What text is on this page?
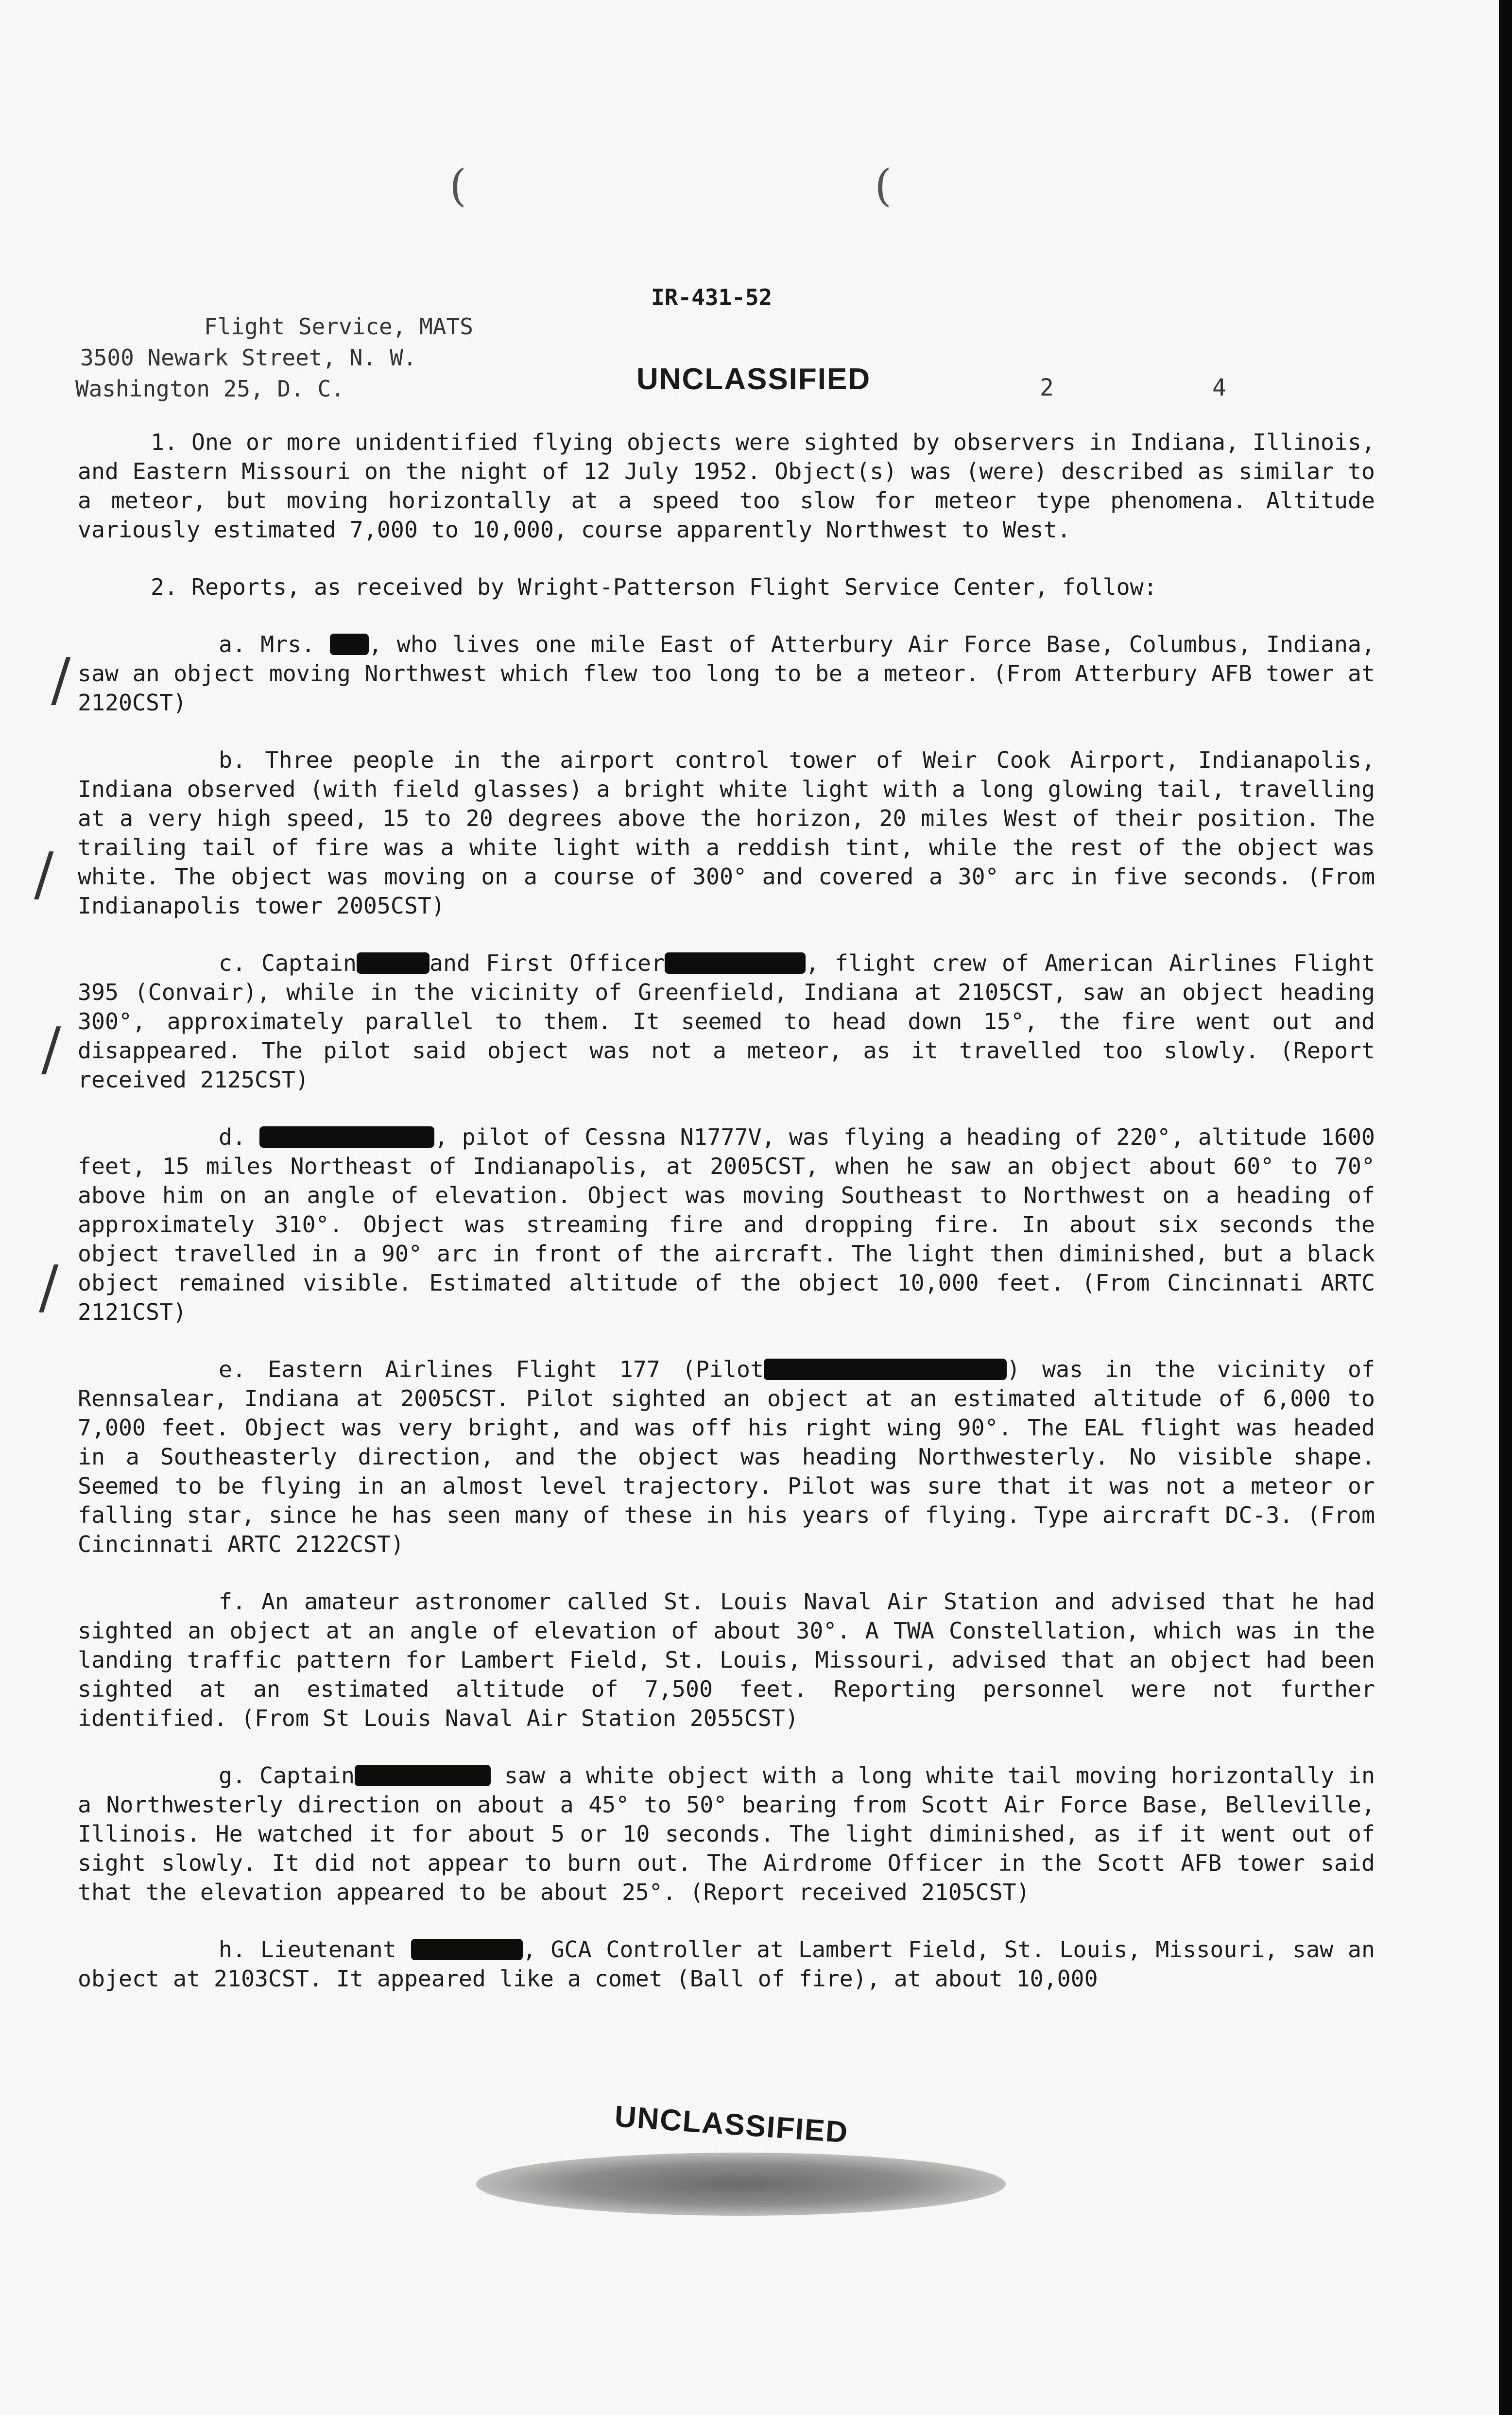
(	(
IR-431-52
Flight Service, MATS
3500 Newark Street, N. W.
Washington 25, D. C.	UNCLASSIFIED	2	4
/
/
/
/

1. One or more unidentified flying objects were sighted by observers in Indiana, Illinois, and Eastern Missouri on the night of 12 July 1952. Object(s) was (were) described as similar to a meteor, but moving horizontally at a speed too slow for meteor type phenomena. Altitude variously estimated 7,000 to 10,000, course apparently Northwest to West.

2. Reports, as received by Wright-Patterson Flight Service Center, follow:

a. Mrs. , who lives one mile East of Atterbury Air Force Base, Columbus, Indiana, saw an object moving Northwest which flew too long to be a meteor. (From Atterbury AFB tower at 2120CST)

b. Three people in the airport control tower of Weir Cook Airport, Indianapolis, Indiana observed (with field glasses) a bright white light with a long glowing tail, travelling at a very high speed, 15 to 20 degrees above the horizon, 20 miles West of their position. The trailing tail of fire was a white light with a reddish tint, while the rest of the object was white. The object was moving on a course of 300° and covered a 30° arc in five seconds. (From Indianapolis tower 2005CST)

c. Captain	and First Officer	, flight crew of American Airlines Flight 395 (Convair), while in the vicinity of Greenfield, Indiana at 2105CST, saw an object heading 300°, approximately parallel to them. It seemed to head down 15°, the fire went out and disappeared. The pilot said object was not a meteor, as it travelled too slowly. (Report received 2125CST)

d.	, pilot of Cessna N1777V, was flying a heading of 220°, altitude 1600 feet, 15 miles Northeast of Indianapolis, at 2005CST, when he saw an object about 60° to 70° above him on an angle of elevation. Object was moving Southeast to Northwest on a heading of approximately 310°. Object was streaming fire and dropping fire. In about six seconds the object travelled in a 90° arc in front of the aircraft. The light then diminished, but a black object remained visible. Estimated altitude of the object 10,000 feet. (From Cincinnati ARTC 2121CST)

e. Eastern Airlines Flight 177 (Pilot	) was in the vicinity of Rennsalear, Indiana at 2005CST. Pilot sighted an object at an estimated altitude of 6,000 to 7,000 feet. Object was very bright, and was off his right wing 90°. The EAL flight was headed in a Southeasterly direction, and the object was heading Northwesterly. No visible shape. Seemed to be flying in an almost level trajectory. Pilot was sure that it was not a meteor or falling star, since he has seen many of these in his years of flying. Type aircraft DC-3. (From Cincinnati ARTC 2122CST)

f. An amateur astronomer called St. Louis Naval Air Station and advised that he had sighted an object at an angle of elevation of about 30°. A TWA Constellation, which was in the landing traffic pattern for Lambert Field, St. Louis, Missouri, advised that an object had been sighted at an estimated altitude of 7,500 feet. Reporting personnel were not further identified. (From St Louis Naval Air Station 2055CST)

g. Captain	saw a white object with a long white tail moving horizontally in a Northwesterly direction on about a 45° to 50° bearing from Scott Air Force Base, Belleville, Illinois. He watched it for about 5 or 10 seconds. The light diminished, as if it went out of sight slowly. It did not appear to burn out. The Airdrome Officer in the Scott AFB tower said that the elevation appeared to be about 25°. (Report received 2105CST)

h. Lieutenant	, GCA Controller at Lambert Field, St. Louis, Missouri, saw an object at 2103CST. It appeared like a comet (Ball of fire), at about 10,000

UNCLASSIFIED
